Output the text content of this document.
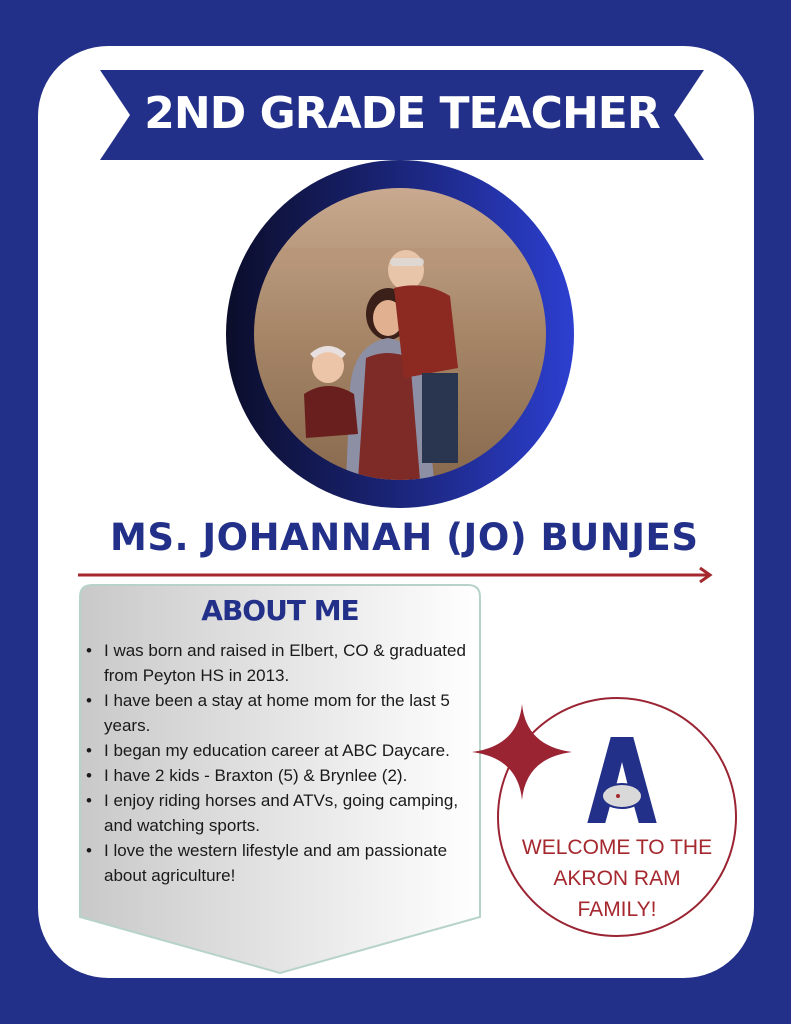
2ND GRADE TEACHER
MS. JOHANNAH (JO) BUNJES
ABOUT ME
• I was born and raised in Elbert, CO & graduated from Peyton HS in 2013.
• I have been a stay at home mom for the last 5 years.
• I began my education career at ABC Daycare.
• I have 2 kids - Braxton (5) & Brynlee (2).
• I enjoy riding horses and ATVs, going camping, and watching sports.
• I love the western lifestyle and am passionate about agriculture!
WELCOME TO THE
AKRON RAM
FAMILY!
